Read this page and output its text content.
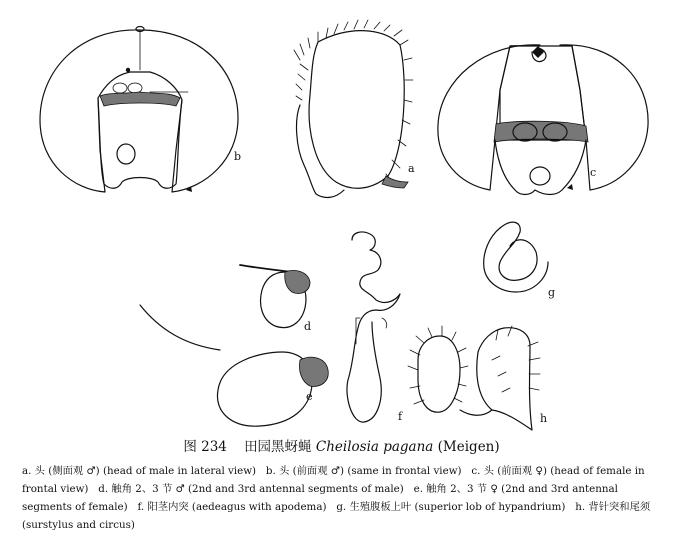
b
a	c
d
g
e
f	h

图 234 田园黑蚜蝇 Cheilosia pagana (Meigen)

a. 头 (侧面观 ♂) (head of male in lateral view) b. 头 (前面观 ♂) (same in frontal view) c. 头 (前面观 ♀) (head of female in frontal view) d. 触角 2、3 节 ♂ (2nd and 3rd antennal segments of male) e. 触角 2、3 节 ♀ (2nd and 3rd antennal segments of female) f. 阳茎内突 (aedeagus with apodema) g. 生殖腹板上叶 (superior lob of hypandrium) h. 背针突和尾须 (surstylus and circus)
